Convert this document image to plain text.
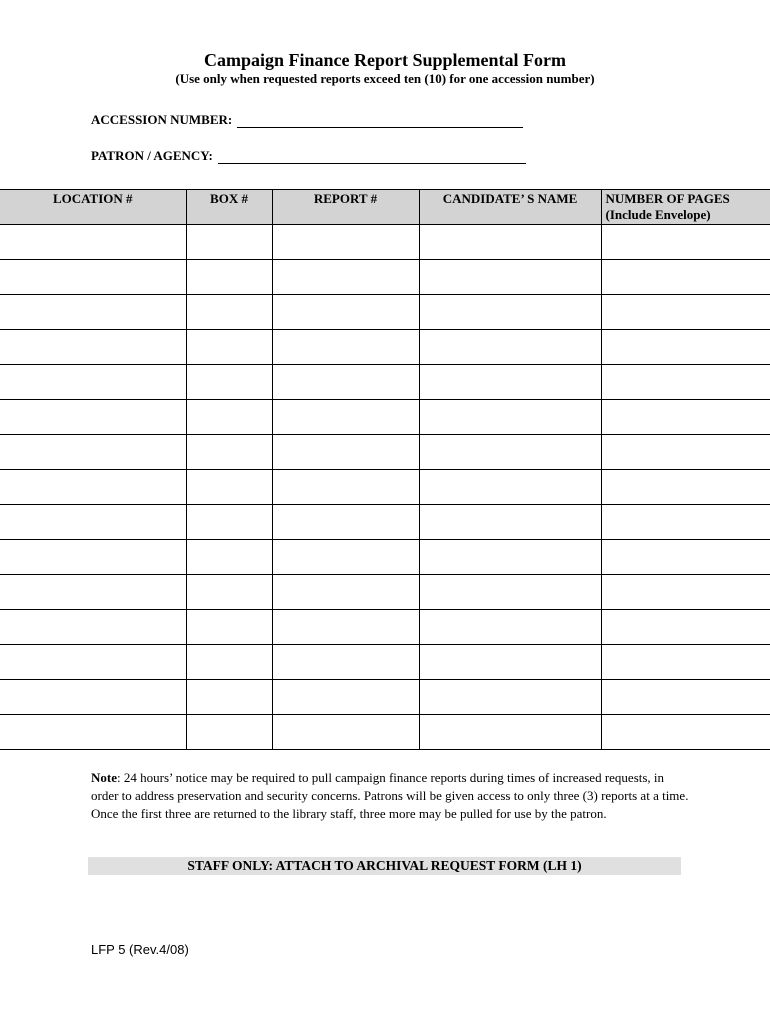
Campaign Finance Report Supplemental Form
(Use only when requested reports exceed ten (10) for one accession number)
ACCESSION NUMBER:
PATRON / AGENCY:
LOCATION #	BOX #	REPORT #	CANDIDATE’ S NAME	NUMBER OF PAGES
(Include Envelope)

Note: 24 hours’ notice may be required to pull campaign finance reports during times of increased requests, in order to address preservation and security concerns. Patrons will be given access to only three (3) reports at a time. Once the first three are returned to the library staff, three more may be pulled for use by the patron.
STAFF ONLY: ATTACH TO ARCHIVAL REQUEST FORM (LH 1)
LFP 5 (Rev.4/08)
